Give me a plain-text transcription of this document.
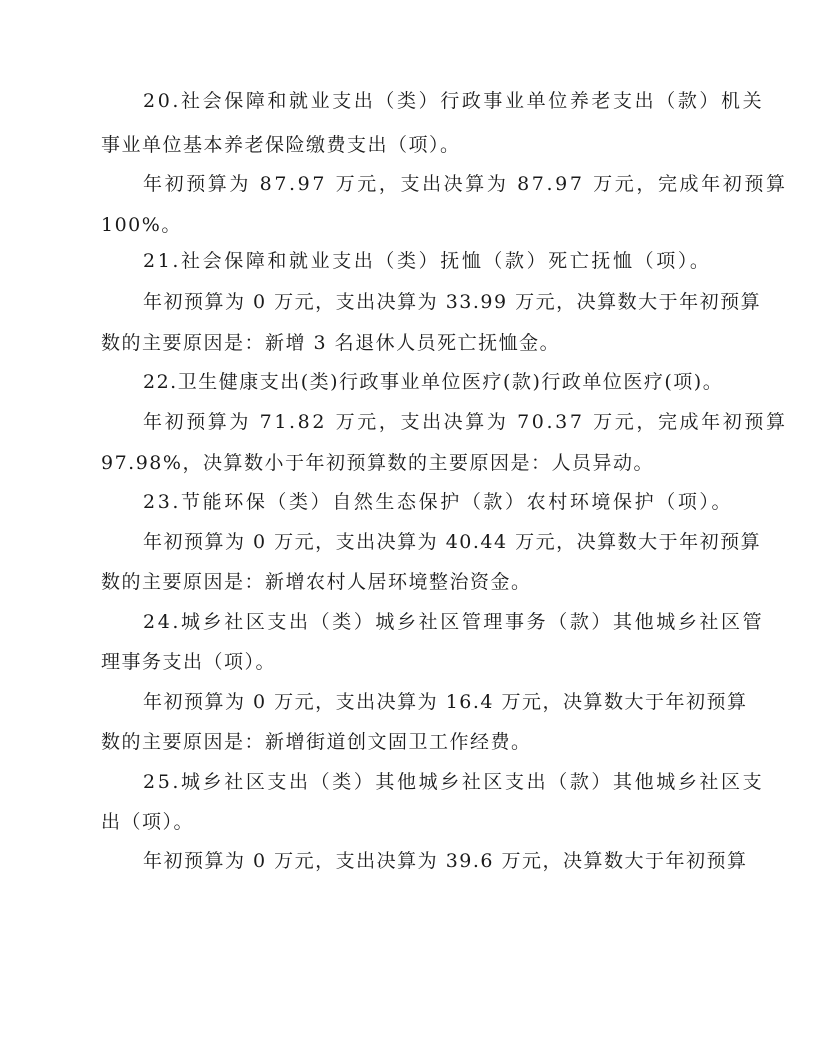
20.社会保障和就业支出（类）行政事业单位养老支出（款）机关
事业单位基本养老保险缴费支出（项）。
年初预算为 87.97 万元，支出决算为 87.97 万元，完成年初预算
100%。
21.社会保障和就业支出（类）抚恤（款）死亡抚恤（项）。
年初预算为 0 万元，支出决算为 33.99 万元，决算数大于年初预算
数的主要原因是：新增 3 名退休人员死亡抚恤金。
22.卫生健康支出(类)行政事业单位医疗(款)行政单位医疗(项)。
年初预算为 71.82 万元，支出决算为 70.37 万元，完成年初预算
97.98%，决算数小于年初预算数的主要原因是：人员异动。
23.节能环保（类）自然生态保护（款）农村环境保护（项）。
年初预算为 0 万元，支出决算为 40.44 万元，决算数大于年初预算
数的主要原因是：新增农村人居环境整治资金。
24.城乡社区支出（类）城乡社区管理事务（款）其他城乡社区管
理事务支出（项）。
年初预算为 0 万元，支出决算为 16.4 万元，决算数大于年初预算
数的主要原因是：新增街道创文固卫工作经费。
25.城乡社区支出（类）其他城乡社区支出（款）其他城乡社区支
出（项）。
年初预算为 0 万元，支出决算为 39.6 万元，决算数大于年初预算
